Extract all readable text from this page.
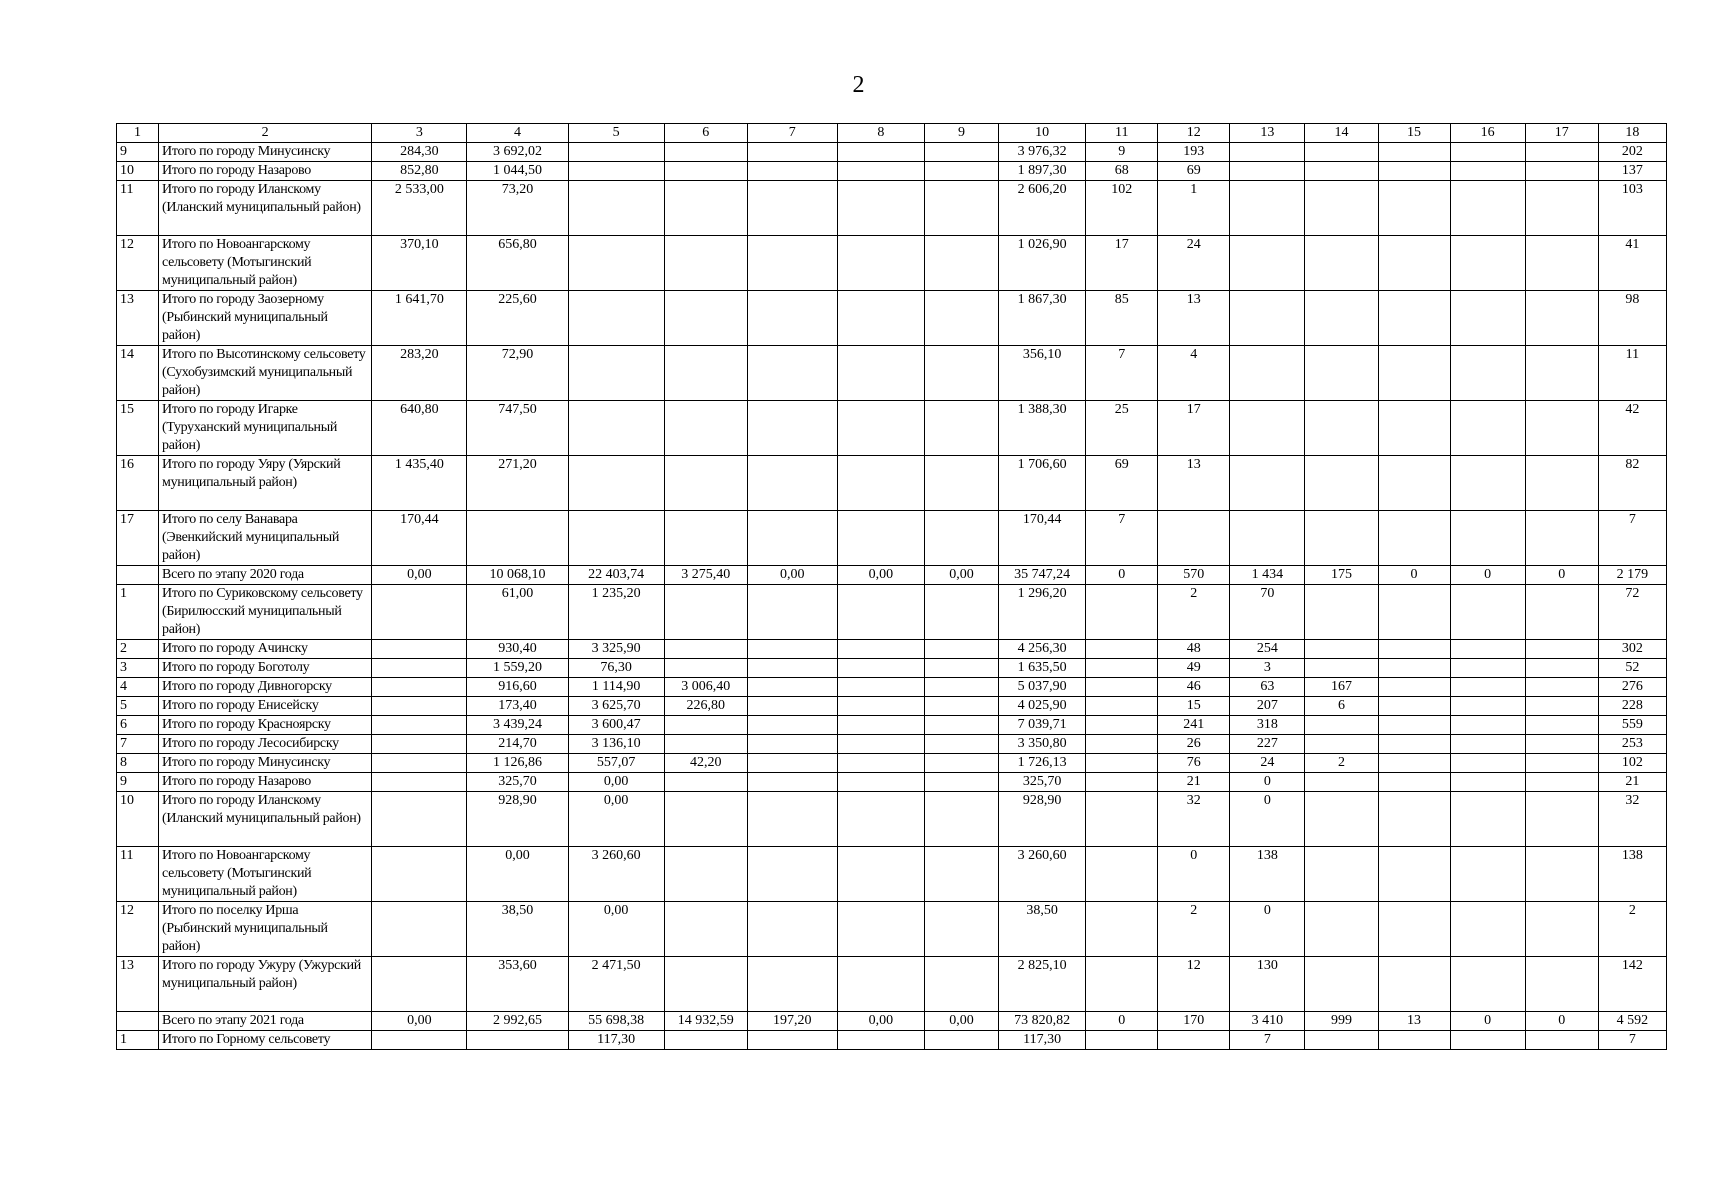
2
1	2	3	4	5	6	7	8	9	10	11	12	13	14	15	16	17	18
9	Итого по городу Минусинску	284,30	3 692,02						3 976,32	9	193						202
10	Итого по городу Назарово	852,80	1 044,50						1 897,30	68	69						137
11	Итого по городу Иланскому (Иланский муниципальный район)	2 533,00	73,20						2 606,20	102	1						103
12	Итого по Новоангарскому сельсовету (Мотыгинский муниципальный район)	370,10	656,80						1 026,90	17	24						41
13	Итого по городу Заозерному (Рыбинский муниципальный район)	1 641,70	225,60						1 867,30	85	13						98
14	Итого по Высотинскому сельсовету (Сухобузимский муниципальный район)	283,20	72,90						356,10	7	4						11
15	Итого по городу Игарке (Туруханский муниципальный район)	640,80	747,50						1 388,30	25	17						42
16	Итого по городу Уяру (Уярский муниципальный район)	1 435,40	271,20						1 706,60	69	13						82
17	Итого по селу Ванавара (Эвенкийский муниципальный район)	170,44							170,44	7							7
	Всего по этапу 2020 года	0,00	10 068,10	22 403,74	3 275,40	0,00	0,00	0,00	35 747,24	0	570	1 434	175	0	0	0	2 179
1	Итого по Суриковскому сельсовету (Бирилюсский муниципальный район)		61,00	1 235,20					1 296,20		2	70					72
2	Итого по городу Ачинску		930,40	3 325,90					4 256,30		48	254					302
3	Итого по городу Боготолу		1 559,20	76,30					1 635,50		49	3					52
4	Итого по городу Дивногорску		916,60	1 114,90	3 006,40				5 037,90		46	63	167				276
5	Итого по городу Енисейску		173,40	3 625,70	226,80				4 025,90		15	207	6				228
6	Итого по городу Красноярску		3 439,24	3 600,47					7 039,71		241	318					559
7	Итого по городу Лесосибирску		214,70	3 136,10					3 350,80		26	227					253
8	Итого по городу Минусинску		1 126,86	557,07	42,20				1 726,13		76	24	2				102
9	Итого по городу Назарово		325,70	0,00					325,70		21	0					21
10	Итого по городу Иланскому (Иланский муниципальный район)		928,90	0,00					928,90		32	0					32
11	Итого по Новоангарскому сельсовету (Мотыгинский муниципальный район)		0,00	3 260,60					3 260,60		0	138					138
12	Итого по поселку Ирша (Рыбинский муниципальный район)		38,50	0,00					38,50		2	0					2
13	Итого по городу Ужуру (Ужурский муниципальный район)		353,60	2 471,50					2 825,10		12	130					142
	Всего по этапу 2021 года	0,00	2 992,65	55 698,38	14 932,59	197,20	0,00	0,00	73 820,82	0	170	3 410	999	13	0	0	4 592
1	Итого по Горному сельсовету			117,30					117,30			7					7
